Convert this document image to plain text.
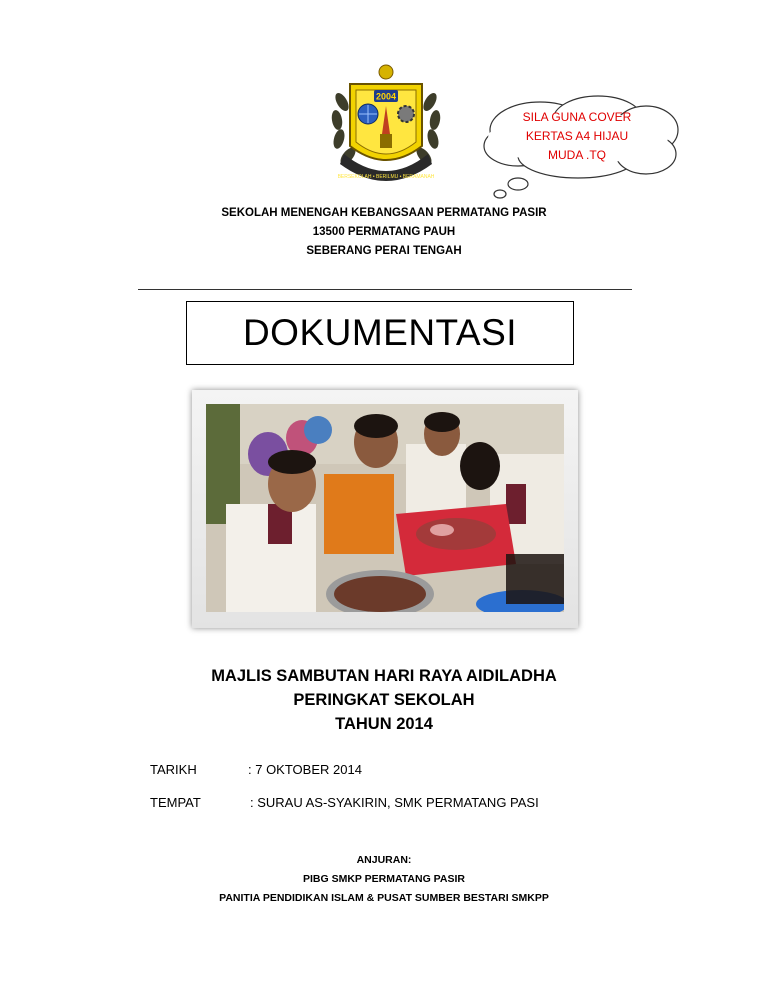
2004
BERSEKOLAH • BERILMU • BERAMANAH
SILA GUNA COVER
KERTAS A4 HIJAU
MUDA .TQ
SEKOLAH MENENGAH KEBANGSAAN PERMATANG PASIR
13500 PERMATANG PAUH
SEBERANG PERAI TENGAH
DOKUMENTASI
MAJLIS SAMBUTAN HARI RAYA AIDILADHA
PERINGKAT SEKOLAH
TAHUN 2014
TARIKH	: 7 OKTOBER 2014
TEMPAT	: SURAU AS-SYAKIRIN, SMK PERMATANG PASI
ANJURAN:
PIBG SMKP PERMATANG PASIR
PANITIA PENDIDIKAN ISLAM & PUSAT SUMBER BESTARI SMKPP
